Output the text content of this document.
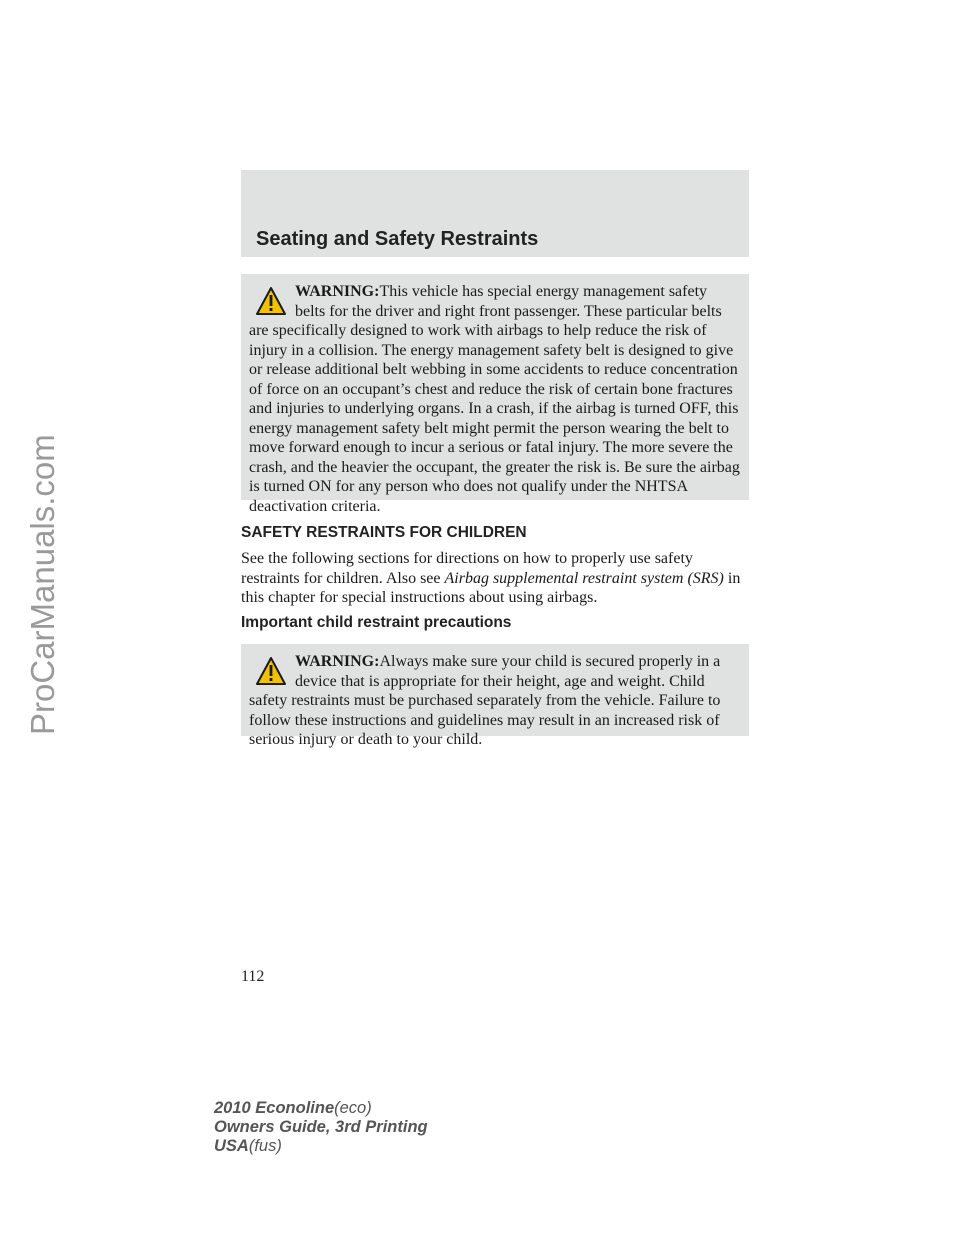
ProCarManuals.com
Seating and Safety Restraints
WARNING:This vehicle has special energy management safety belts for the driver and right front passenger. These particular belts are specifically designed to work with airbags to help reduce the risk of injury in a collision. The energy management safety belt is designed to give or release additional belt webbing in some accidents to reduce concentration of force on an occupant’s chest and reduce the risk of certain bone fractures and injuries to underlying organs. In a crash, if the airbag is turned OFF, this energy management safety belt might permit the person wearing the belt to move forward enough to incur a serious or fatal injury. The more severe the crash, and the heavier the occupant, the greater the risk is. Be sure the airbag is turned ON for any person who does not qualify under the NHTSA deactivation criteria.
SAFETY RESTRAINTS FOR CHILDREN

See the following sections for directions on how to properly use safety restraints for children. Also see Airbag supplemental restraint system (SRS) in this chapter for special instructions about using airbags.

Important child restraint precautions
WARNING:Always make sure your child is secured properly in a device that is appropriate for their height, age and weight. Child safety restraints must be purchased separately from the vehicle. Failure to follow these instructions and guidelines may result in an increased risk of serious injury or death to your child.
112
2010 Econoline(eco)
Owners Guide, 3rd Printing
USA(fus)
